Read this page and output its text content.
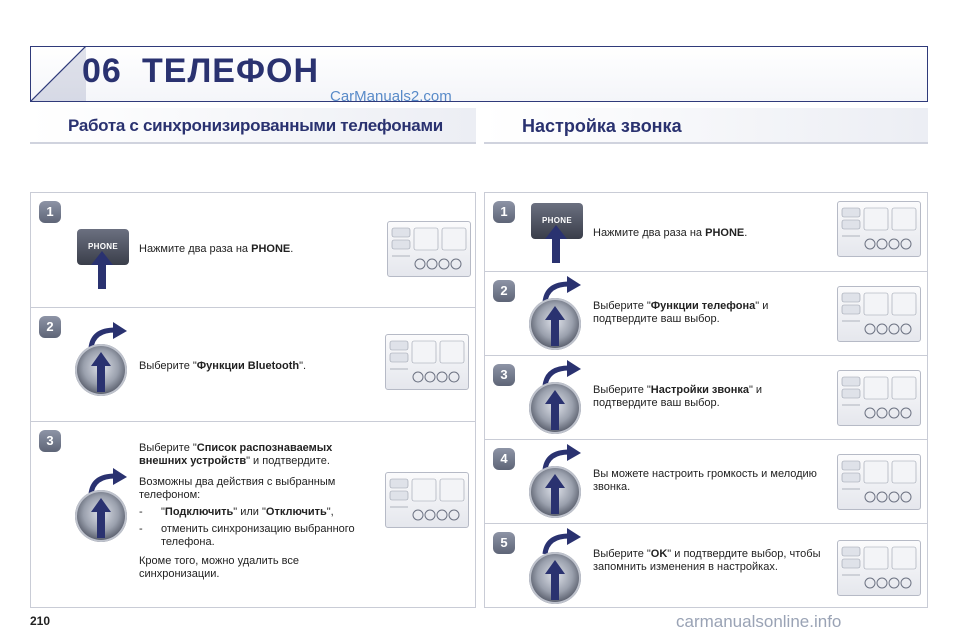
06 ТЕЛЕФОН
CarManuals2.com
Работа с синхронизированными телефонами	Настройка звонка
1
PHONE	Нажмите два раза на PHONE.
2
Выберите "Функции Bluetooth".
3	Выберите "Список распознаваемых внешних устройств" и подтвердите.

Возможны два действия с выбранным телефоном:

- "Подключить" или "Отключить",

- отменить синхронизацию выбранного телефона.

Кроме того, можно удалить все синхронизации.

1
PHONE
Нажмите два раза на PHONE.
2
Выберите "Функции телефона" и подтвердите ваш выбор.
3
Выберите "Настройки звонка" и подтвердите ваш выбор.
4
Вы можете настроить громкость и мелодию звонка.
5
Выберите "OK" и подтвердите выбор, чтобы запомнить изменения в настройках.
210	carmanualsonline.info
